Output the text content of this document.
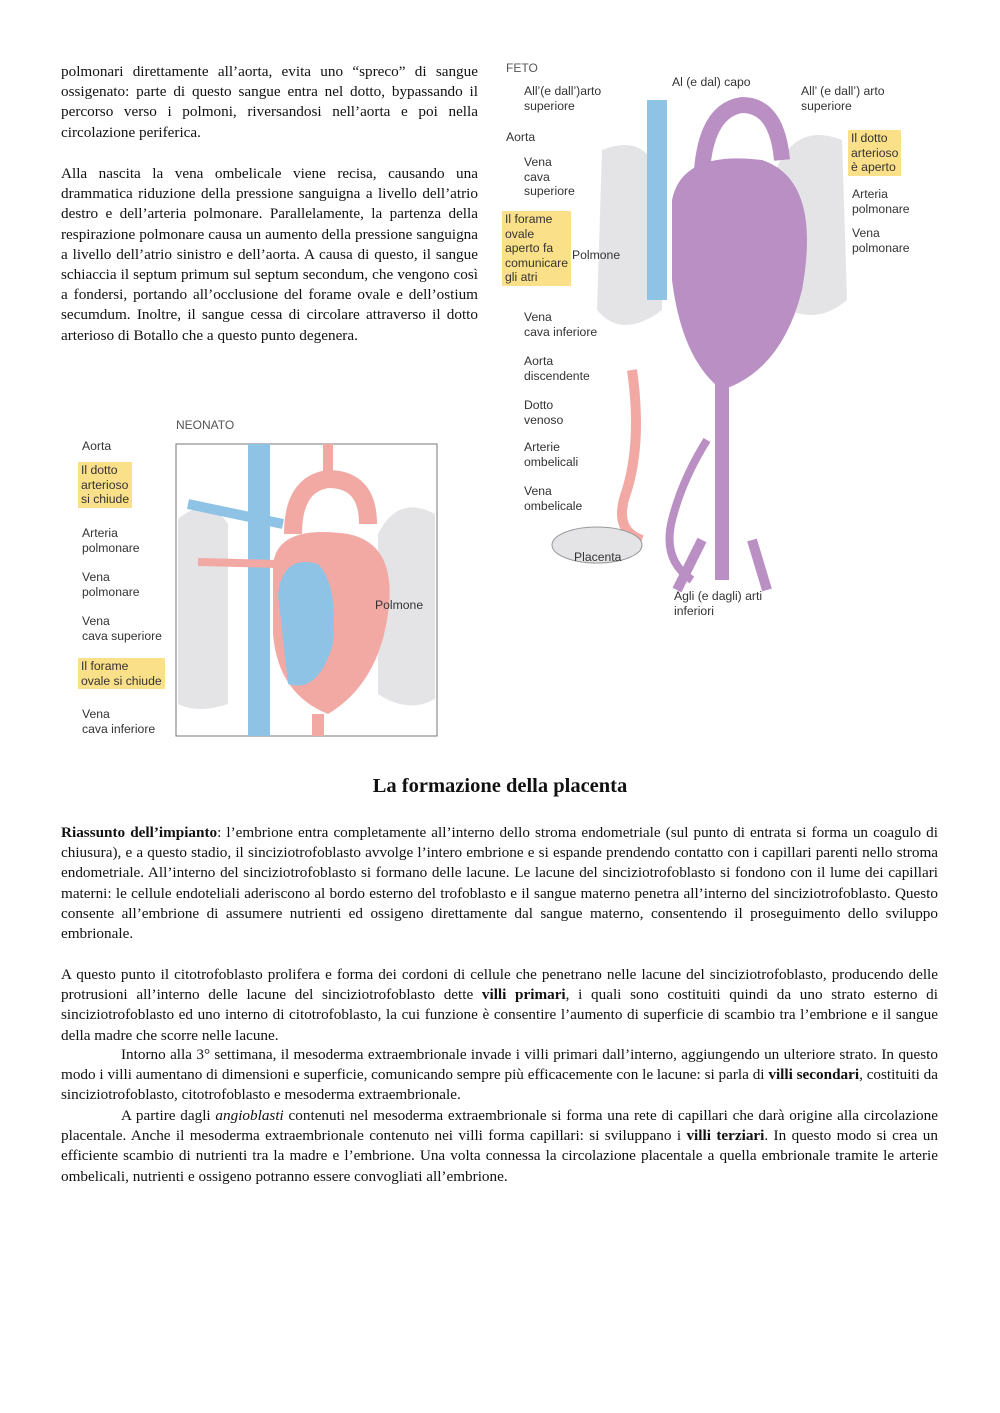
polmonari direttamente all’aorta, evita uno “spreco” di sangue ossigenato: parte di questo sangue entra nel dotto, bypassando il percorso verso i polmoni, riversandosi nell’aorta e poi nella circolazione periferica.

Alla nascita la vena ombelicale viene recisa, causando una drammatica riduzione della pressione sanguigna a livello dell’atrio destro e dell’arteria polmonare. Parallelamente, la partenza della respirazione polmonare causa un aumento della pressione sanguigna a livello dell’atrio sinistro e dell’aorta. A causa di questo, il sangue schiaccia il septum primum sul septum secondum, che vengono così a fondersi, portando all’occlusione del forame ovale e dell’ostium secumdum. Inoltre, il sangue cessa di circolare attraverso il dotto arterioso di Botallo che a questo punto degenera.

NEONATO
Aorta
Il dotto
arterioso
si chiude
Arteria
polmonare
Vena
polmonare
Vena
cava superiore
Il forame
ovale si chiude
Vena
cava inferiore
Polmone
FETO
Al (e dal) capo
All’(e dall’)arto
superiore
All’ (e dall’) arto
superiore
Aorta
Vena
cava
superiore
Il dotto
arterioso
è aperto
Arteria
polmonare
Vena
polmonare
Il forame
ovale
aperto fa
comunicare
gli atri
Polmone
Vena
cava inferiore
Aorta
discendente
Dotto
venoso
Arterie
ombelicali
Vena
ombelicale
Placenta
Agli (e dagli) arti
inferiori
La formazione della placenta

Riassunto dell’impianto: l’embrione entra completamente all’interno dello stroma endometriale (sul punto di entrata si forma un coagulo di chiusura), e a questo stadio, il sinciziotrofoblasto avvolge l’intero embrione e si espande prendendo contatto con i capillari parenti nello stroma endometriale. All’interno del sinciziotrofoblasto si formano delle lacune. Le lacune del sinciziotrofoblasto si fondono con il lume dei capillari materni: le cellule endoteliali aderiscono al bordo esterno del trofoblasto e il sangue materno penetra all’interno del sinciziotrofoblasto. Questo consente all’embrione di assumere nutrienti ed ossigeno direttamente dal sangue materno, consentendo il proseguimento dello sviluppo embrionale.

A questo punto il citotrofoblasto prolifera e forma dei cordoni di cellule che penetrano nelle lacune del sinciziotrofoblasto, producendo delle protrusioni all’interno delle lacune del sinciziotrofoblasto dette villi primari, i quali sono costituiti quindi da uno strato esterno di sinciziotrofoblasto ed uno interno di citotrofoblasto, la cui funzione è consentire l’aumento di superficie di scambio tra l’embrione e il sangue della madre che scorre nelle lacune.

Intorno alla 3° settimana, il mesoderma extraembrionale invade i villi primari dall’interno, aggiungendo un ulteriore strato. In questo modo i villi aumentano di dimensioni e superficie, comunicando sempre più efficacemente con le lacune: si parla di villi secondari, costituiti da sinciziotrofoblasto, citotrofoblasto e mesoderma extraembrionale.

A partire dagli angioblasti contenuti nel mesoderma extraembrionale si forma una rete di capillari che darà origine alla circolazione placentale. Anche il mesoderma extraembrionale contenuto nei villi forma capillari: si sviluppano i villi terziari. In questo modo si crea un efficiente scambio di nutrienti tra la madre e l’embrione. Una volta connessa la circolazione placentale a quella embrionale tramite le arterie ombelicali, nutrienti e ossigeno potranno essere convogliati all’embrione.
